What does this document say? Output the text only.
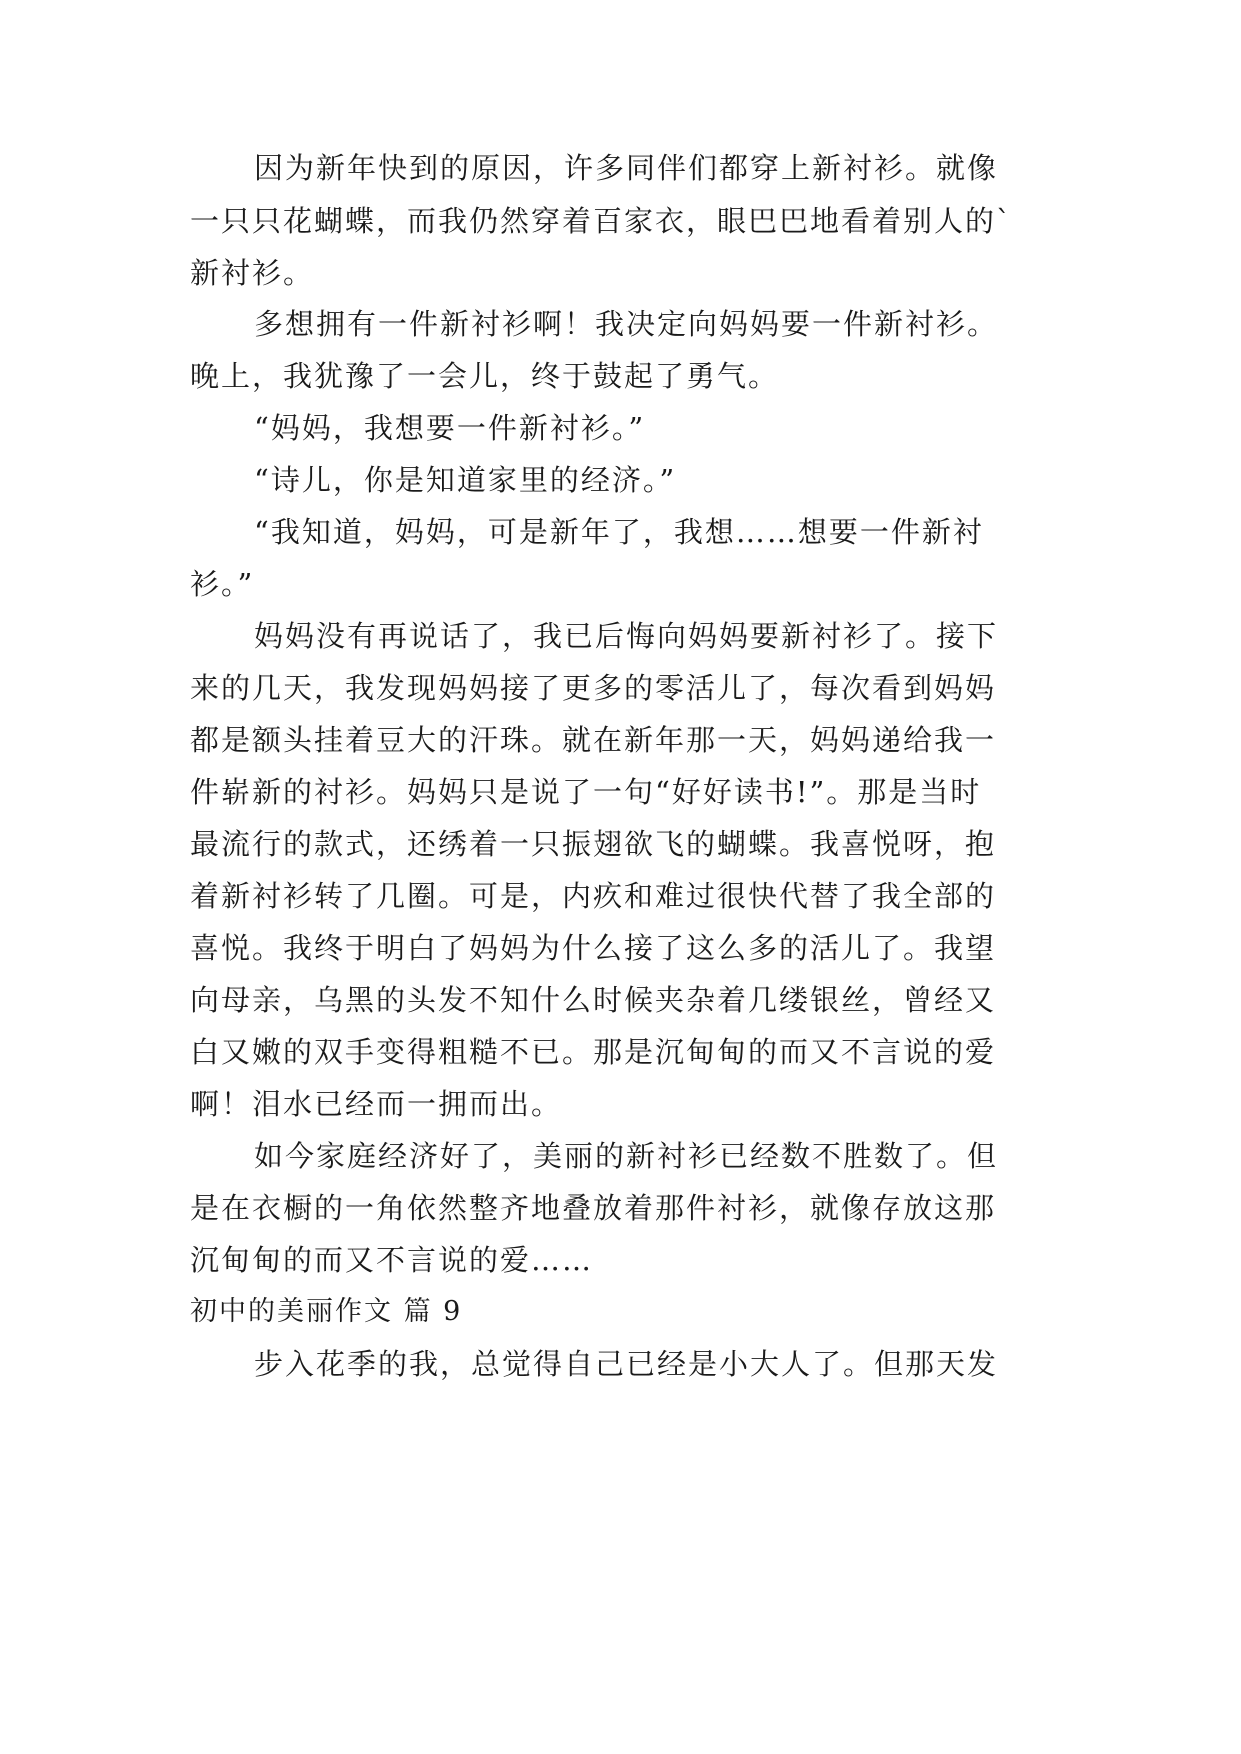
因为新年快到的原因，许多同伴们都穿上新衬衫。就像
一只只花蝴蝶，而我仍然穿着百家衣，眼巴巴地看着别人的`
新衬衫。
多想拥有一件新衬衫啊！我决定向妈妈要一件新衬衫。
晚上，我犹豫了一会儿，终于鼓起了勇气。
“妈妈，我想要一件新衬衫。”
“诗儿，你是知道家里的经济。”
“我知道，妈妈，可是新年了，我想……想要一件新衬
衫。”
妈妈没有再说话了，我已后悔向妈妈要新衬衫了。接下
来的几天，我发现妈妈接了更多的零活儿了，每次看到妈妈
都是额头挂着豆大的汗珠。就在新年那一天，妈妈递给我一
件崭新的衬衫。妈妈只是说了一句“好好读书!”。那是当时
最流行的款式，还绣着一只振翅欲飞的蝴蝶。我喜悦呀，抱
着新衬衫转了几圈。可是，内疚和难过很快代替了我全部的
喜悦。我终于明白了妈妈为什么接了这么多的活儿了。我望
向母亲，乌黑的头发不知什么时候夹杂着几缕银丝，曾经又
白又嫩的双手变得粗糙不已。那是沉甸甸的而又不言说的爱
啊！泪水已经而一拥而出。
如今家庭经济好了，美丽的新衬衫已经数不胜数了。但
是在衣橱的一角依然整齐地叠放着那件衬衫，就像存放这那
沉甸甸的而又不言说的爱……
初中的美丽作文 篇 9
步入花季的我，总觉得自己已经是小大人了。但那天发
